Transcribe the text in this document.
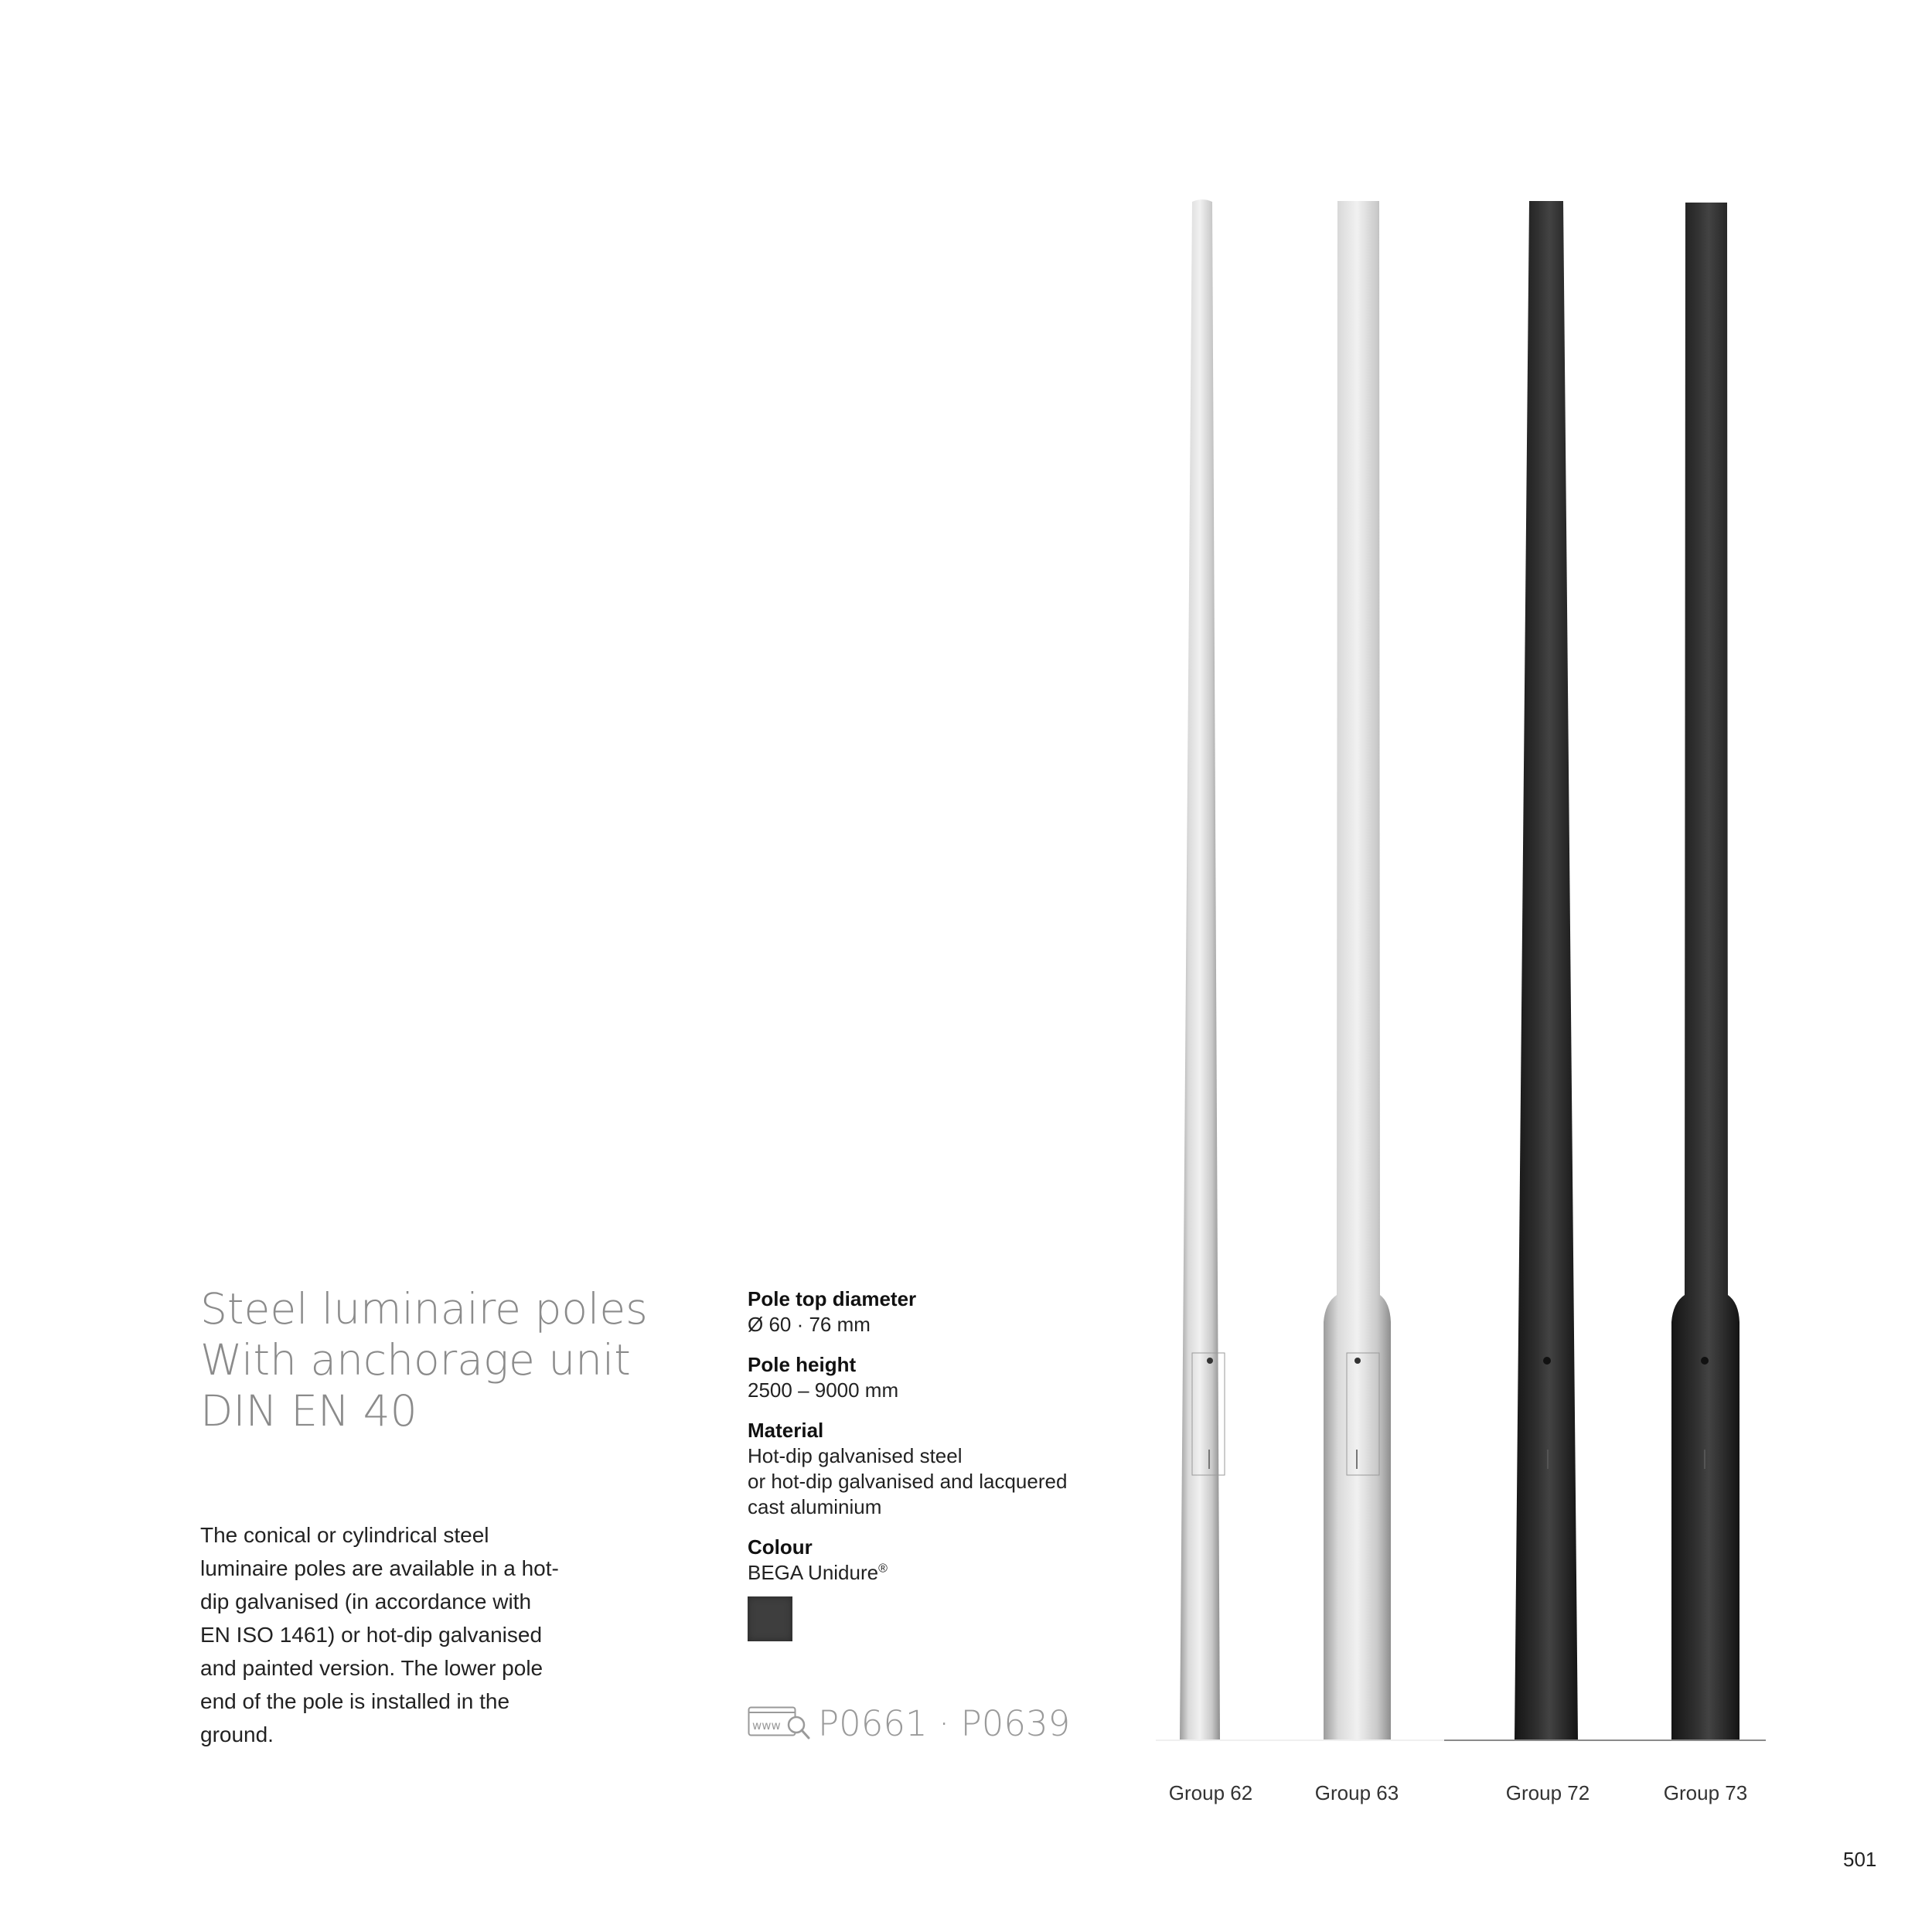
Steel luminaire poles
With anchorage unit
DIN EN 40
The conical or cylindrical steel luminaire poles are available in a hot-dip galvanised (in accordance with EN ISO 1461) or hot-dip galvanised and painted version. The lower pole end of the pole is installed in the ground.
Pole top diameter
Ø 60 · 76 mm
Pole height
2500 – 9000 mm
Material
Hot-dip galvanised steel
or hot-dip galvanised and lacquered
cast aluminium
Colour
BEGA Unidure®
www P0661 · P0639
Group 62	Group 63	Group 72	Group 73
501
